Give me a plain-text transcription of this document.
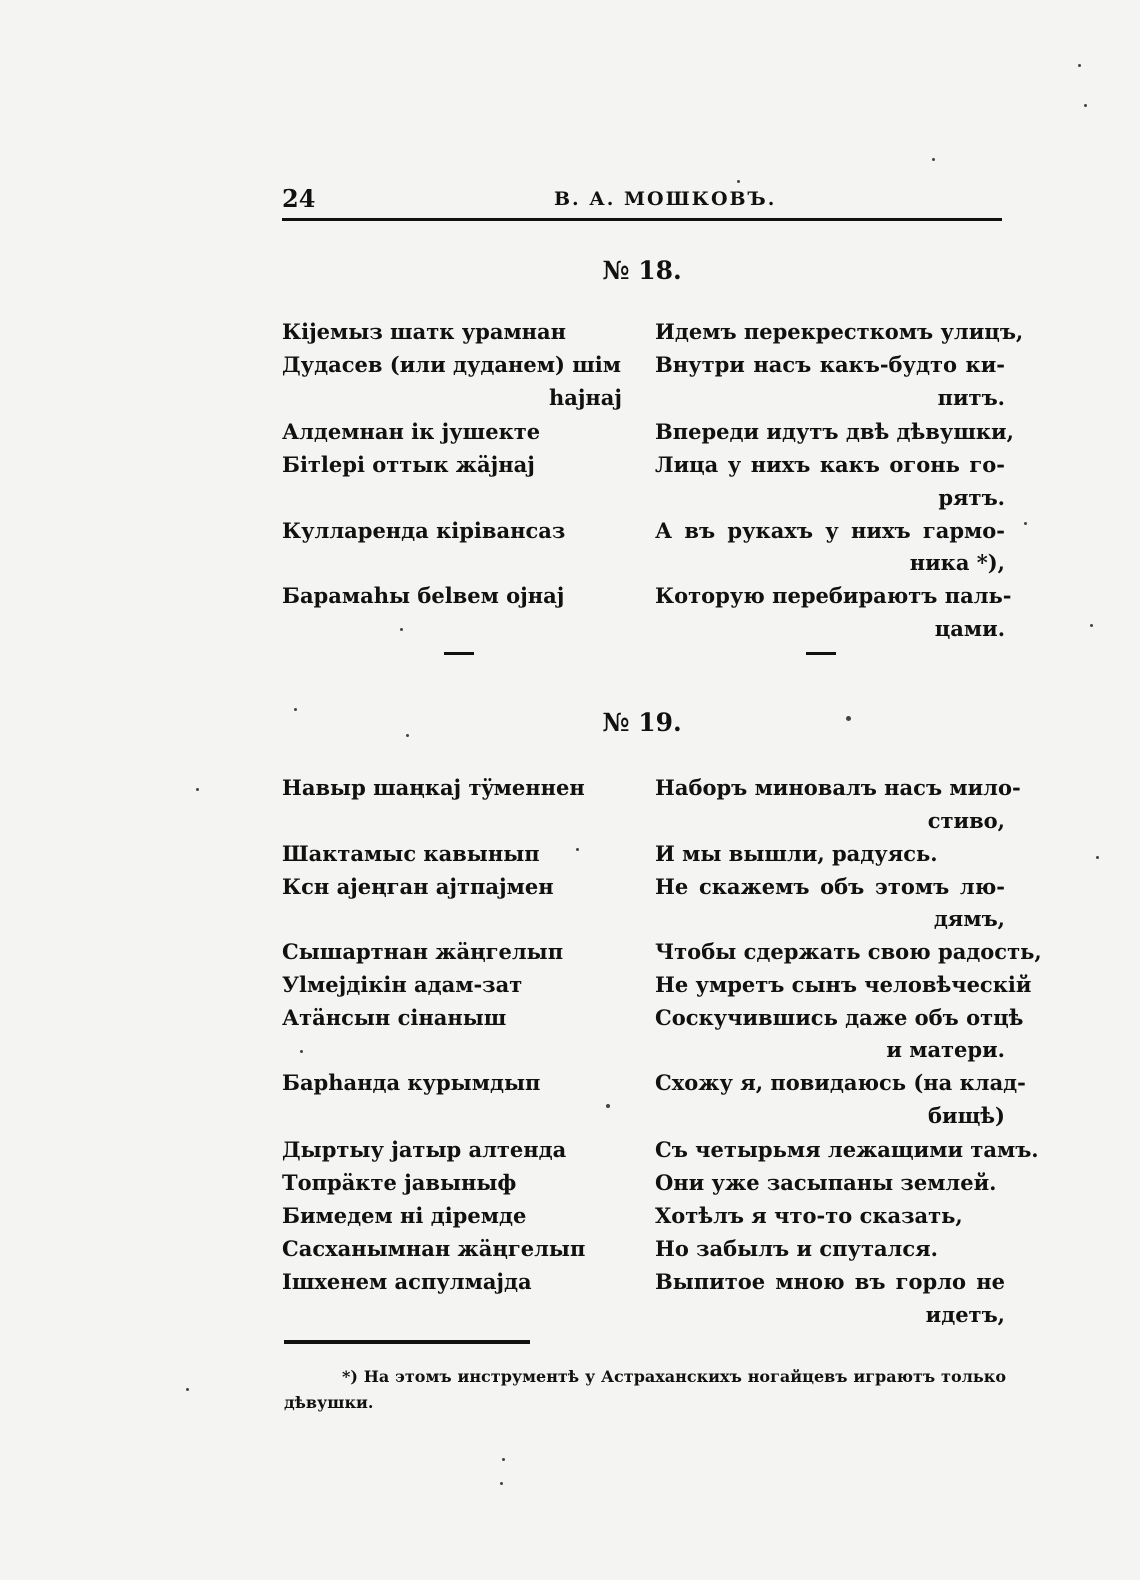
24	В. А. МОШКОВЪ.
№ 18.
Кiјемыз шатк урамнан
Дудасев (или дуданем) шiм
hајнај
Алдемнан iк јушекте
Бiтlерi оттык жäјнај
Кулларенда кiрiвансаз
Барамаhы беlвем ојнај
Идемъ перекресткомъ улицъ,
Внутри насъ какъ-будто ки-
питъ.
Впереди идутъ двѣ дѣвушки,
Лица у нихъ какъ огонь го-
рятъ.
А въ рукахъ у нихъ гармо-
ника *),
Которую перебираютъ паль-
цами.
№ 19.
Навыр шаңкај тÿменнен
Шактамыс кавынып
Ксн ајеңган ајтпајмен
Сышартнан жäңгелып
Уlмеjдiкiн адам-зат
Атäнсын сiнаныш
Барhанда курымдып
Дыртыу јатыр алтенда
Топрäкте јавыныф
Бимедем нi дiремде
Сасханымнан жäңгелып
Iшхенем аспулмајда
Наборъ миновалъ насъ мило-
стиво,
И мы вышли, радуясь.
Не скажемъ объ этомъ лю-
дямъ,
Чтобы сдержать свою радость,
Не умретъ сынъ человѣческiй
Соскучившись даже объ отцѣ
и матери.
Схожу я, повидаюсь (на клад-
бищѣ)
Съ четырьмя лежащими тамъ.
Они уже засыпаны землей.
Хотѣлъ я что-то сказать,
Но забылъ и спутался.
Выпитое мною въ горло не
идетъ,
*) На этомъ инструментѣ у Астраханскихъ ногайцевъ играютъ только дѣвушки.
